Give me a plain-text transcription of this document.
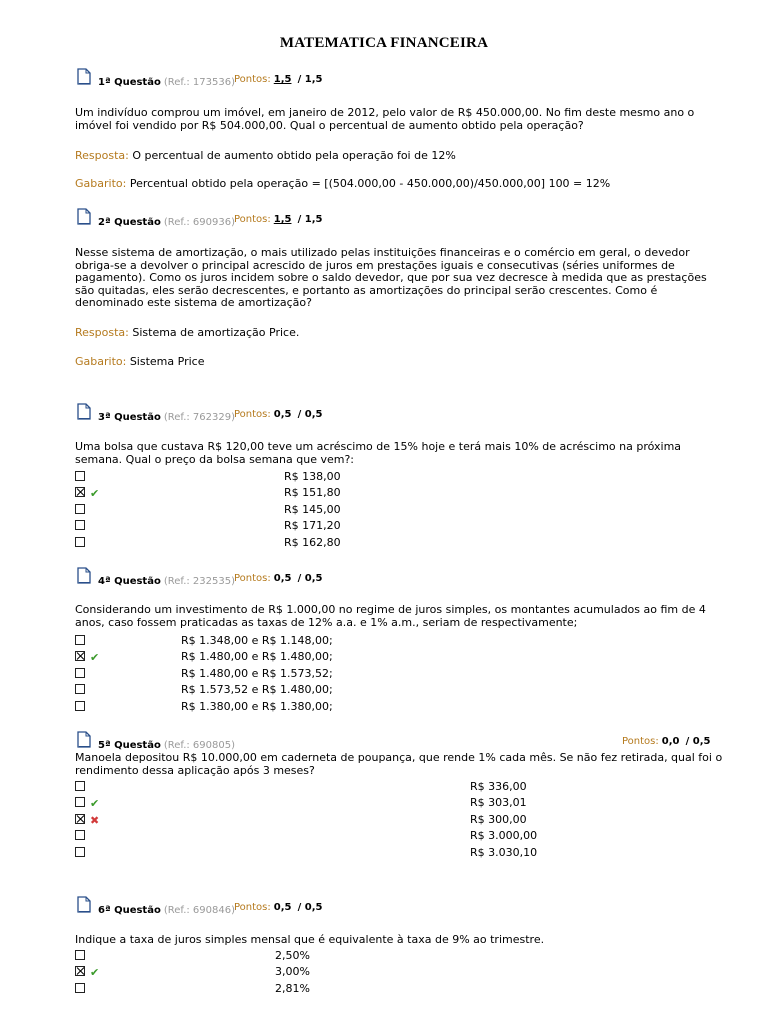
MATEMATICA FINANCEIRA
1ª Questão (Ref.: 173536) Pontos: 1,5 / 1,5
Um indivíduo comprou um imóvel, em janeiro de 2012, pelo valor de R$ 450.000,00. No fim deste mesmo ano o imóvel foi vendido por R$ 504.000,00. Qual o percentual de aumento obtido pela operação?
Resposta: O percentual de aumento obtido pela operação foi de 12%
Gabarito: Percentual obtido pela operação = [(504.000,00 - 450.000,00)/450.000,00] 100 = 12%
2ª Questão (Ref.: 690936) Pontos: 1,5 / 1,5
Nesse sistema de amortização, o mais utilizado pelas instituições financeiras e o comércio em geral, o devedor obriga-se a devolver o principal acrescido de juros em prestações iguais e consecutivas (séries uniformes de pagamento). Como os juros incidem sobre o saldo devedor, que por sua vez decresce à medida que as prestações são quitadas, eles serão decrescentes, e portanto as amortizações do principal serão crescentes. Como é denominado este sistema de amortização?
Resposta: Sistema de amortização Price.
Gabarito: Sistema Price
3ª Questão (Ref.: 762329) Pontos: 0,5 / 0,5
Uma bolsa que custava R$ 120,00 teve um acréscimo de 15% hoje e terá mais 10% de acréscimo na próxima semana. Qual o preço da bolsa semana que vem?:
R$ 138,00
✔	R$ 151,80
R$ 145,00
R$ 171,20
R$ 162,80
4ª Questão (Ref.: 232535) Pontos: 0,5 / 0,5
Considerando um investimento de R$ 1.000,00 no regime de juros simples, os montantes acumulados ao fim de 4 anos, caso fossem praticadas as taxas de 12% a.a. e 1% a.m., seriam de respectivamente;
R$ 1.348,00 e R$ 1.148,00;
✔	R$ 1.480,00 e R$ 1.480,00;
R$ 1.480,00 e R$ 1.573,52;
R$ 1.573,52 e R$ 1.480,00;
R$ 1.380,00 e R$ 1.380,00;
5ª Questão (Ref.: 690805)	Pontos: 0,0 / 0,5
Manoela depositou R$ 10.000,00 em caderneta de poupança, que rende 1% cada mês. Se não fez retirada, qual foi o rendimento dessa aplicação após 3 meses?
R$ 336,00
✔	R$ 303,01
✖	R$ 300,00
R$ 3.000,00
R$ 3.030,10
6ª Questão (Ref.: 690846) Pontos: 0,5 / 0,5
Indique a taxa de juros simples mensal que é equivalente à taxa de 9% ao trimestre.
2,50%
✔	3,00%
2,81%
